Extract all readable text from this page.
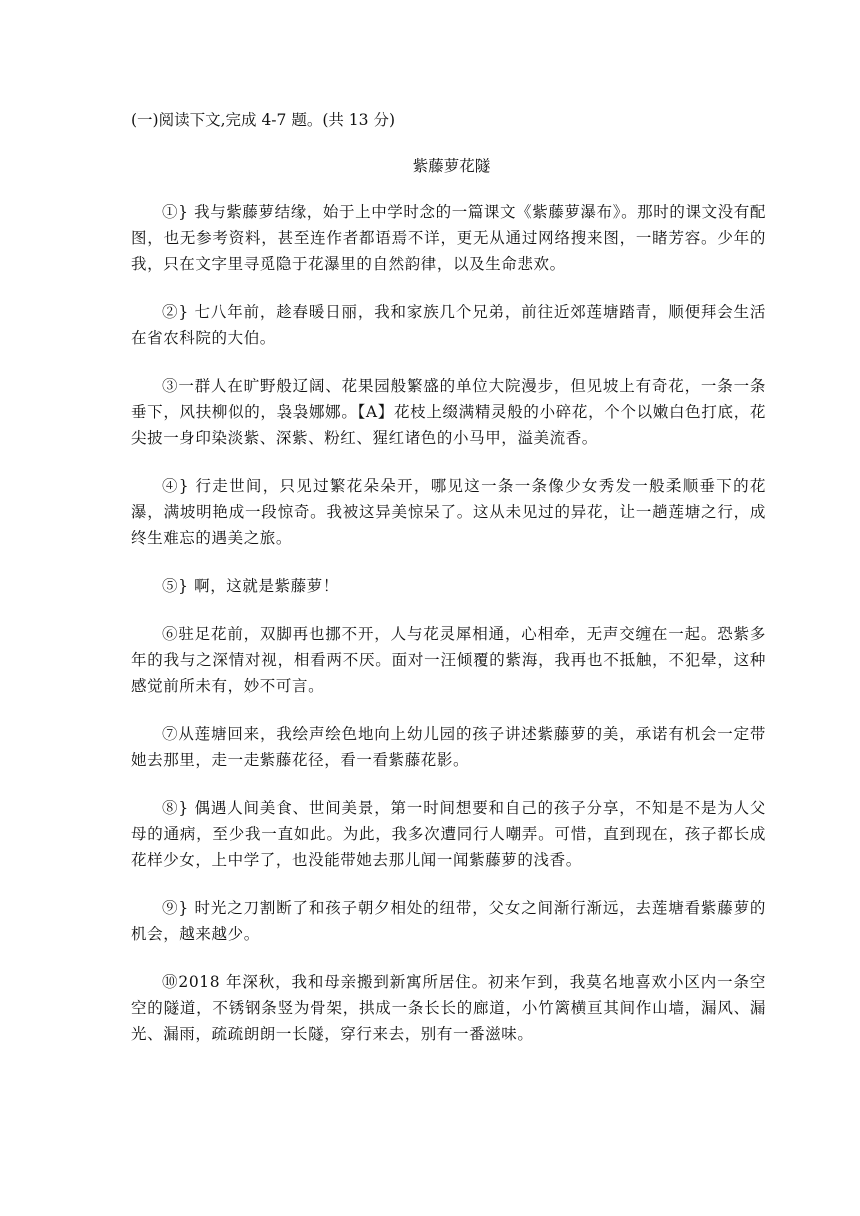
(一)阅读下文,完成 4-7 题。(共 13 分)
紫藤萝花隧
①} 我与紫藤萝结缘，始于上中学时念的一篇课文《紫藤萝瀑布》。那时的课文没有配图，也无参考资料，甚至连作者都语焉不详，更无从通过网络搜来图，一睹芳容。少年的我，只在文字里寻觅隐于花瀑里的自然韵律，以及生命悲欢。
②} 七八年前，趁春暖日丽，我和家族几个兄弟，前往近郊莲塘踏青，顺便拜会生活在省农科院的大伯。
③一群人在旷野般辽阔、花果园般繁盛的单位大院漫步，但见坡上有奇花，一条一条垂下，风扶柳似的，袅袅娜娜。【A】花枝上缀满精灵般的小碎花，个个以嫩白色打底，花尖披一身印染淡紫、深紫、粉红、猩红诸色的小马甲，溢美流香。
④} 行走世间，只见过繁花朵朵开，哪见这一条一条像少女秀发一般柔顺垂下的花瀑，满坡明艳成一段惊奇。我被这异美惊呆了。这从未见过的异花，让一趟莲塘之行，成终生难忘的遇美之旅。
⑤} 啊，这就是紫藤萝！
⑥驻足花前，双脚再也挪不开，人与花灵犀相通，心相牵，无声交缠在一起。恐紫多年的我与之深情对视，相看两不厌。面对一汪倾覆的紫海，我再也不抵触，不犯晕，这种感觉前所未有，妙不可言。
⑦从莲塘回来，我绘声绘色地向上幼儿园的孩子讲述紫藤萝的美，承诺有机会一定带她去那里，走一走紫藤花径，看一看紫藤花影。
⑧} 偶遇人间美食、世间美景，第一时间想要和自己的孩子分享，不知是不是为人父母的通病，至少我一直如此。为此，我多次遭同行人嘲弄。可惜，直到现在，孩子都长成花样少女，上中学了，也没能带她去那儿闻一闻紫藤萝的浅香。
⑨} 时光之刀割断了和孩子朝夕相处的纽带，父女之间渐行渐远，去莲塘看紫藤萝的机会，越来越少。
⑩2018 年深秋，我和母亲搬到新寓所居住。初来乍到，我莫名地喜欢小区内一条空空的隧道，不锈钢条竖为骨架，拱成一条长长的廊道，小竹篱横亘其间作山墙，漏风、漏光、漏雨，疏疏朗朗一长隧，穿行来去，别有一番滋味。
